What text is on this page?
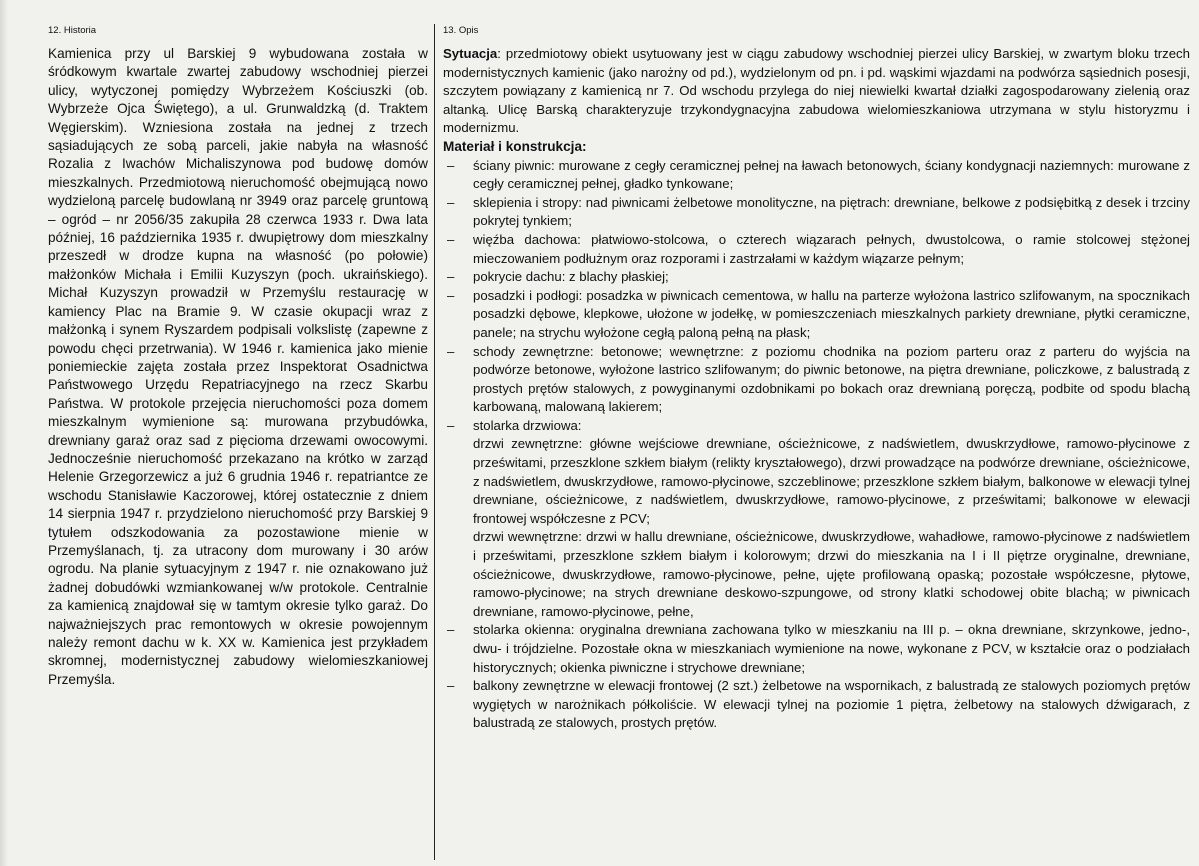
12. Historia

Kamienica przy ul Barskiej 9 wybudowana została w śródkowym kwartale zwartej zabudowy wschodniej pierzei ulicy, wytyczonej pomiędzy Wybrzeżem Kościuszki (ob. Wybrzeże Ojca Świętego), a ul. Grunwaldzką (d. Traktem Węgierskim). Wzniesiona została na jednej z trzech sąsiadujących ze sobą parceli, jakie nabyła na własność Rozalia z Iwachów Michaliszynowa pod budowę domów mieszkalnych. Przedmiotową nieruchomość obejmującą nowo wydzieloną parcelę budowlaną nr 3949 oraz parcelę gruntową – ogród – nr 2056/35 zakupiła 28 czerwca 1933 r. Dwa lata później, 16 października 1935 r. dwupiętrowy dom mieszkalny przeszedł w drodze kupna na własność (po połowie) małżonków Michała i Emilii Kuzyszyn (poch. ukraińskiego). Michał Kuzyszyn prowadził w Przemyślu restaurację w kamiency Plac na Bramie 9. W czasie okupacji wraz z małżonką i synem Ryszardem podpisali volkslistę (zapewne z powodu chęci przetrwania). W 1946 r. kamienica jako mienie poniemieckie zajęta została przez Inspektorat Osadnictwa Państwowego Urzędu Repatriacyjnego na rzecz Skarbu Państwa. W protokole przejęcia nieruchomości poza domem mieszkalnym wymienione są: murowana przybudówka, drewniany garaż oraz sad z pięcioma drzewami owocowymi. Jednocześnie nieruchomość przekazano na krótko w zarząd Helenie Grzegorzewicz a już 6 grudnia 1946 r. repatriantce ze wschodu Stanisławie Kaczorowej, której ostatecznie z dniem 14 sierpnia 1947 r. przydzielono nieruchomość przy Barskiej 9 tytułem odszkodowania za pozostawione mienie w Przemyślanach, tj. za utracony dom murowany i 30 arów ogrodu. Na planie sytuacyjnym z 1947 r. nie oznakowano już żadnej dobudówki wzmiankowanej w/w protokole. Centralnie za kamienicą znajdował się w tamtym okresie tylko garaż. Do najważniejszych prac remontowych w okresie powojennym należy remont dachu w k. XX w. Kamienica jest przykładem skromnej, modernistycznej zabudowy wielomieszkaniowej Przemyśla.

13. Opis

Sytuacja: przedmiotowy obiekt usytuowany jest w ciągu zabudowy wschodniej pierzei ulicy Barskiej, w zwartym bloku trzech modernistycznych kamienic (jako narożny od pd.), wydzielonym od pn. i pd. wąskimi wjazdami na podwórza sąsiednich posesji, szczytem powiązany z kamienicą nr 7. Od wschodu przylega do niej niewielki kwartał działki zagospodarowany zielenią oraz altanką. Ulicę Barską charakteryzuje trzykondygnacyjna zabudowa wielomieszkaniowa utrzymana w stylu historyzmu i modernizmu.

Materiał i konstrukcja:
– ściany piwnic: murowane z cegły ceramicznej pełnej na ławach betonowych, ściany kondygnacji naziemnych: murowane z cegły ceramicznej pełnej, gładko tynkowane;
– sklepienia i stropy: nad piwnicami żelbetowe monolityczne, na piętrach: drewniane, belkowe z podsiębitką z desek i trzciny pokrytej tynkiem;
– więźba dachowa: płatwiowo-stolcowa, o czterech wiązarach pełnych, dwustolcowa, o ramie stolcowej stężonej mieczowaniem podłużnym oraz rozporami i zastrzałami w każdym wiązarze pełnym;
– pokrycie dachu: z blachy płaskiej;
– posadzki i podłogi: posadzka w piwnicach cementowa, w hallu na parterze wyłożona lastrico szlifowanym, na spocznikach posadzki dębowe, klepkowe, ułożone w jodełkę, w pomieszczeniach mieszkalnych parkiety drewniane, płytki ceramiczne, panele; na strychu wyłożone cegłą paloną pełną na płask;
– schody zewnętrzne: betonowe; wewnętrzne: z poziomu chodnika na poziom parteru oraz z parteru do wyjścia na podwórze betonowe, wyłożone lastrico szlifowanym; do piwnic betonowe, na piętra drewniane, policzkowe, z balustradą z prostych prętów stalowych, z powyginanymi ozdobnikami po bokach oraz drewnianą poręczą, podbite od spodu blachą karbowaną, malowaną lakierem;
– stolarka drzwiowa:
drzwi zewnętrzne: główne wejściowe drewniane, ościeżnicowe, z nadświetlem, dwuskrzydłowe, ramowo-płycinowe z prześwitami, przeszklone szkłem białym (relikty kryształowego), drzwi prowadzące na podwórze drewniane, ościeżnicowe, z nadświetlem, dwuskrzydłowe, ramowo-płycinowe, szczeblinowe; przeszklone szkłem białym, balkonowe w elewacji tylnej drewniane, ościeżnicowe, z nadświetlem, dwuskrzydłowe, ramowo-płycinowe, z prześwitami; balkonowe w elewacji frontowej współczesne z PCV;
drzwi wewnętrzne: drzwi w hallu drewniane, ościeżnicowe, dwuskrzydłowe, wahadłowe, ramowo-płycinowe z nadświetlem i prześwitami, przeszklone szkłem białym i kolorowym; drzwi do mieszkania na I i II piętrze oryginalne, drewniane, ościeżnicowe, dwuskrzydłowe, ramowo-płycinowe, pełne, ujęte profilowaną opaską; pozostałe współczesne, płytowe, ramowo-płycinowe; na strych drewniane deskowo-szpungowe, od strony klatki schodowej obite blachą; w piwnicach drewniane, ramowo-płycinowe, pełne,
– stolarka okienna: oryginalna drewniana zachowana tylko w mieszkaniu na III p. – okna drewniane, skrzynkowe, jedno-, dwu- i trójdzielne. Pozostałe okna w mieszkaniach wymienione na nowe, wykonane z PCV, w kształcie oraz o podziałach historycznych; okienka piwniczne i strychowe drewniane;
– balkony zewnętrzne w elewacji frontowej (2 szt.) żelbetowe na wspornikach, z balustradą ze stalowych poziomych prętów wygiętych w narożnikach półkoliście. W elewacji tylnej na poziomie 1 piętra, żelbetowy na stalowych dźwigarach, z balustradą ze stalowych, prostych prętów.
